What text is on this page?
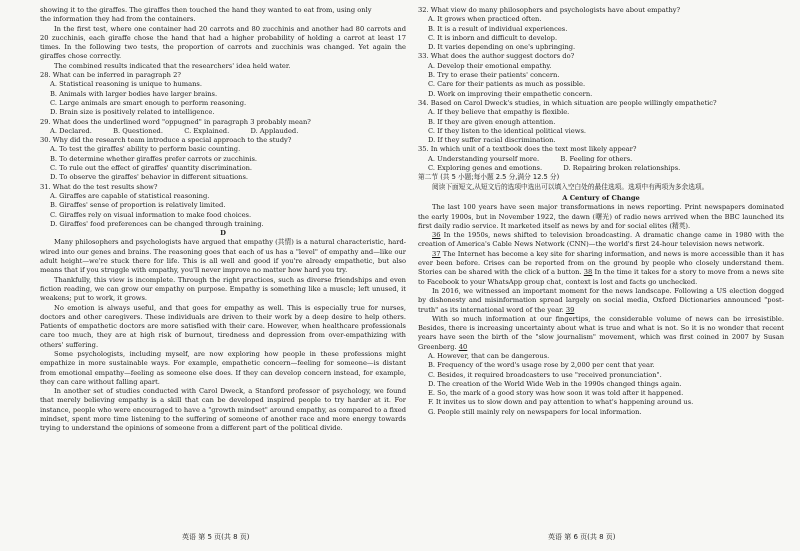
showing it to the giraffes. The giraffes then touched the hand they wanted to eat from, using only
the information they had from the containers.
In the first test, where one container had 20 carrots and 80 zucchinis and another had 80 carrots and 20 zucchinis, each giraffe chose the hand that had a higher probability of holding a carrot at least 17 times. In the following two tests, the proportion of carrots and zucchinis was changed. Yet again the giraffes chose correctly.
The combined results indicated that the researchers' idea held water.
28. What can be inferred in paragraph 2?
A. Statistical reasoning is unique to humans.
B. Animals with larger bodies have larger brains.
C. Large animals are smart enough to perform reasoning.
D. Brain size is positively related to intelligence.
29. What does the underlined word "oppugned" in paragraph 3 probably mean?
A. Declared.          B. Questioned.          C. Explained.          D. Applauded.
30. Why did the research team introduce a special approach to the study?
A. To test the giraffes' ability to perform basic counting.
B. To determine whether giraffes prefer carrots or zucchinis.
C. To rule out the effect of giraffes' quantity discrimination.
D. To observe the giraffes' behavior in different situations.
31. What do the test results show?
A. Giraffes are capable of statistical reasoning.
B. Giraffes' sense of proportion is relatively limited.
C. Giraffes rely on visual information to make food choices.
D. Giraffes' food preferences can be changed through training.
D
Many philosophers and psychologists have argued that empathy (共情) is a natural characteristic, hard-wired into our genes and brains. The reasoning goes that each of us has a "level" of empathy and—like our adult height—we're stuck there for life. This is all well and good if you're already empathetic, but also means that if you struggle with empathy, you'll never improve no matter how hard you try.
Thankfully, this view is incomplete. Through the right practices, such as diverse friendships and even fiction reading, we can grow our empathy on purpose. Empathy is something like a muscle; left unused, it weakens; put to work, it grows.
No emotion is always useful, and that goes for empathy as well. This is especially true for nurses, doctors and other caregivers. These individuals are driven to their work by a deep desire to help others. Patients of empathetic doctors are more satisfied with their care. However, when healthcare professionals care too much, they are at high risk of burnout, tiredness and depression from over-empathizing with others' suffering.
Some psychologists, including myself, are now exploring how people in these professions might empathize in more sustainable ways. For example, empathetic concern—feeling for someone—is distant from emotional empathy—feeling as someone else does. If they can develop concern instead, for example, they can care without falling apart.
In another set of studies conducted with Carol Dweck, a Stanford professor of psychology, we found that merely believing empathy is a skill that can be developed inspired people to try harder at it. For instance, people who were encouraged to have a "growth mindset" around empathy, as compared to a fixed mindset, spent more time listening to the suffering of someone of another race and more energy towards trying to understand the opinions of someone from a different part of the political divide.
32. What view do many philosophers and psychologists have about empathy?
A. It grows when practiced often.
B. It is a result of individual experiences.
C. It is inborn and difficult to develop.
D. It varies depending on one's upbringing.
33. What does the author suggest doctors do?
A. Develop their emotional empathy.
B. Try to erase their patients' concern.
C. Care for their patients as much as possible.
D. Work on improving their empathetic concern.
34. Based on Carol Dweck's studies, in which situation are people willingly empathetic?
A. If they believe that empathy is flexible.
B. If they are given enough attention.
C. If they listen to the identical political views.
D. If they suffer racial discrimination.
35. In which unit of a textbook does the text most likely appear?
A. Understanding yourself more.          B. Feeling for others.
C. Exploring genes and emotions.          D. Repairing broken relationships.
第二节 (共 5 小题;每小题 2.5 分,满分 12.5 分)
阅读下面短文,从短文后的选项中选出可以填入空白处的最佳选项。选项中有两项为多余选项。
A Century of Change
The last 100 years have seen major transformations in news reporting. Print newspapers dominated the early 1900s, but in November 1922, the dawn (曙光) of radio news arrived when the BBC launched its first daily radio service. It marketed itself as news by and for social elites (精英).
36 In the 1950s, news shifted to television broadcasting. A dramatic change came in 1980 with the creation of America's Cable News Network (CNN)—the world's first 24-hour television news network.
37 The Internet has become a key site for sharing information, and news is more accessible than it has ever been before. Crises can be reported from on the ground by people who closely understand them. Stories can be shared with the click of a button. 38 In the time it takes for a story to move from a news site to Facebook to your WhatsApp group chat, context is lost and facts go unchecked.
In 2016, we witnessed an important moment for the news landscape. Following a US election dogged by dishonesty and misinformation spread largely on social media, Oxford Dictionaries announced "post-truth" as its international word of the year. 39
With so much information at our fingertips, the considerable volume of news can be irresistible. Besides, there is increasing uncertainty about what is true and what is not. So it is no wonder that recent years have seen the birth of the "slow journalism" movement, which was first coined in 2007 by Susan Greenberg. 40
A. However, that can be dangerous.
B. Frequency of the word's usage rose by 2,000 per cent that year.
C. Besides, it required broadcasters to use "received pronunciation".
D. The creation of the World Wide Web in the 1990s changed things again.
E. So, the mark of a good story was how soon it was told after it happened.
F. It invites us to slow down and pay attention to what's happening around us.
G. People still mainly rely on newspapers for local information.
英语 第 5 页(共 8 页)	英语 第 6 页(共 8 页)
